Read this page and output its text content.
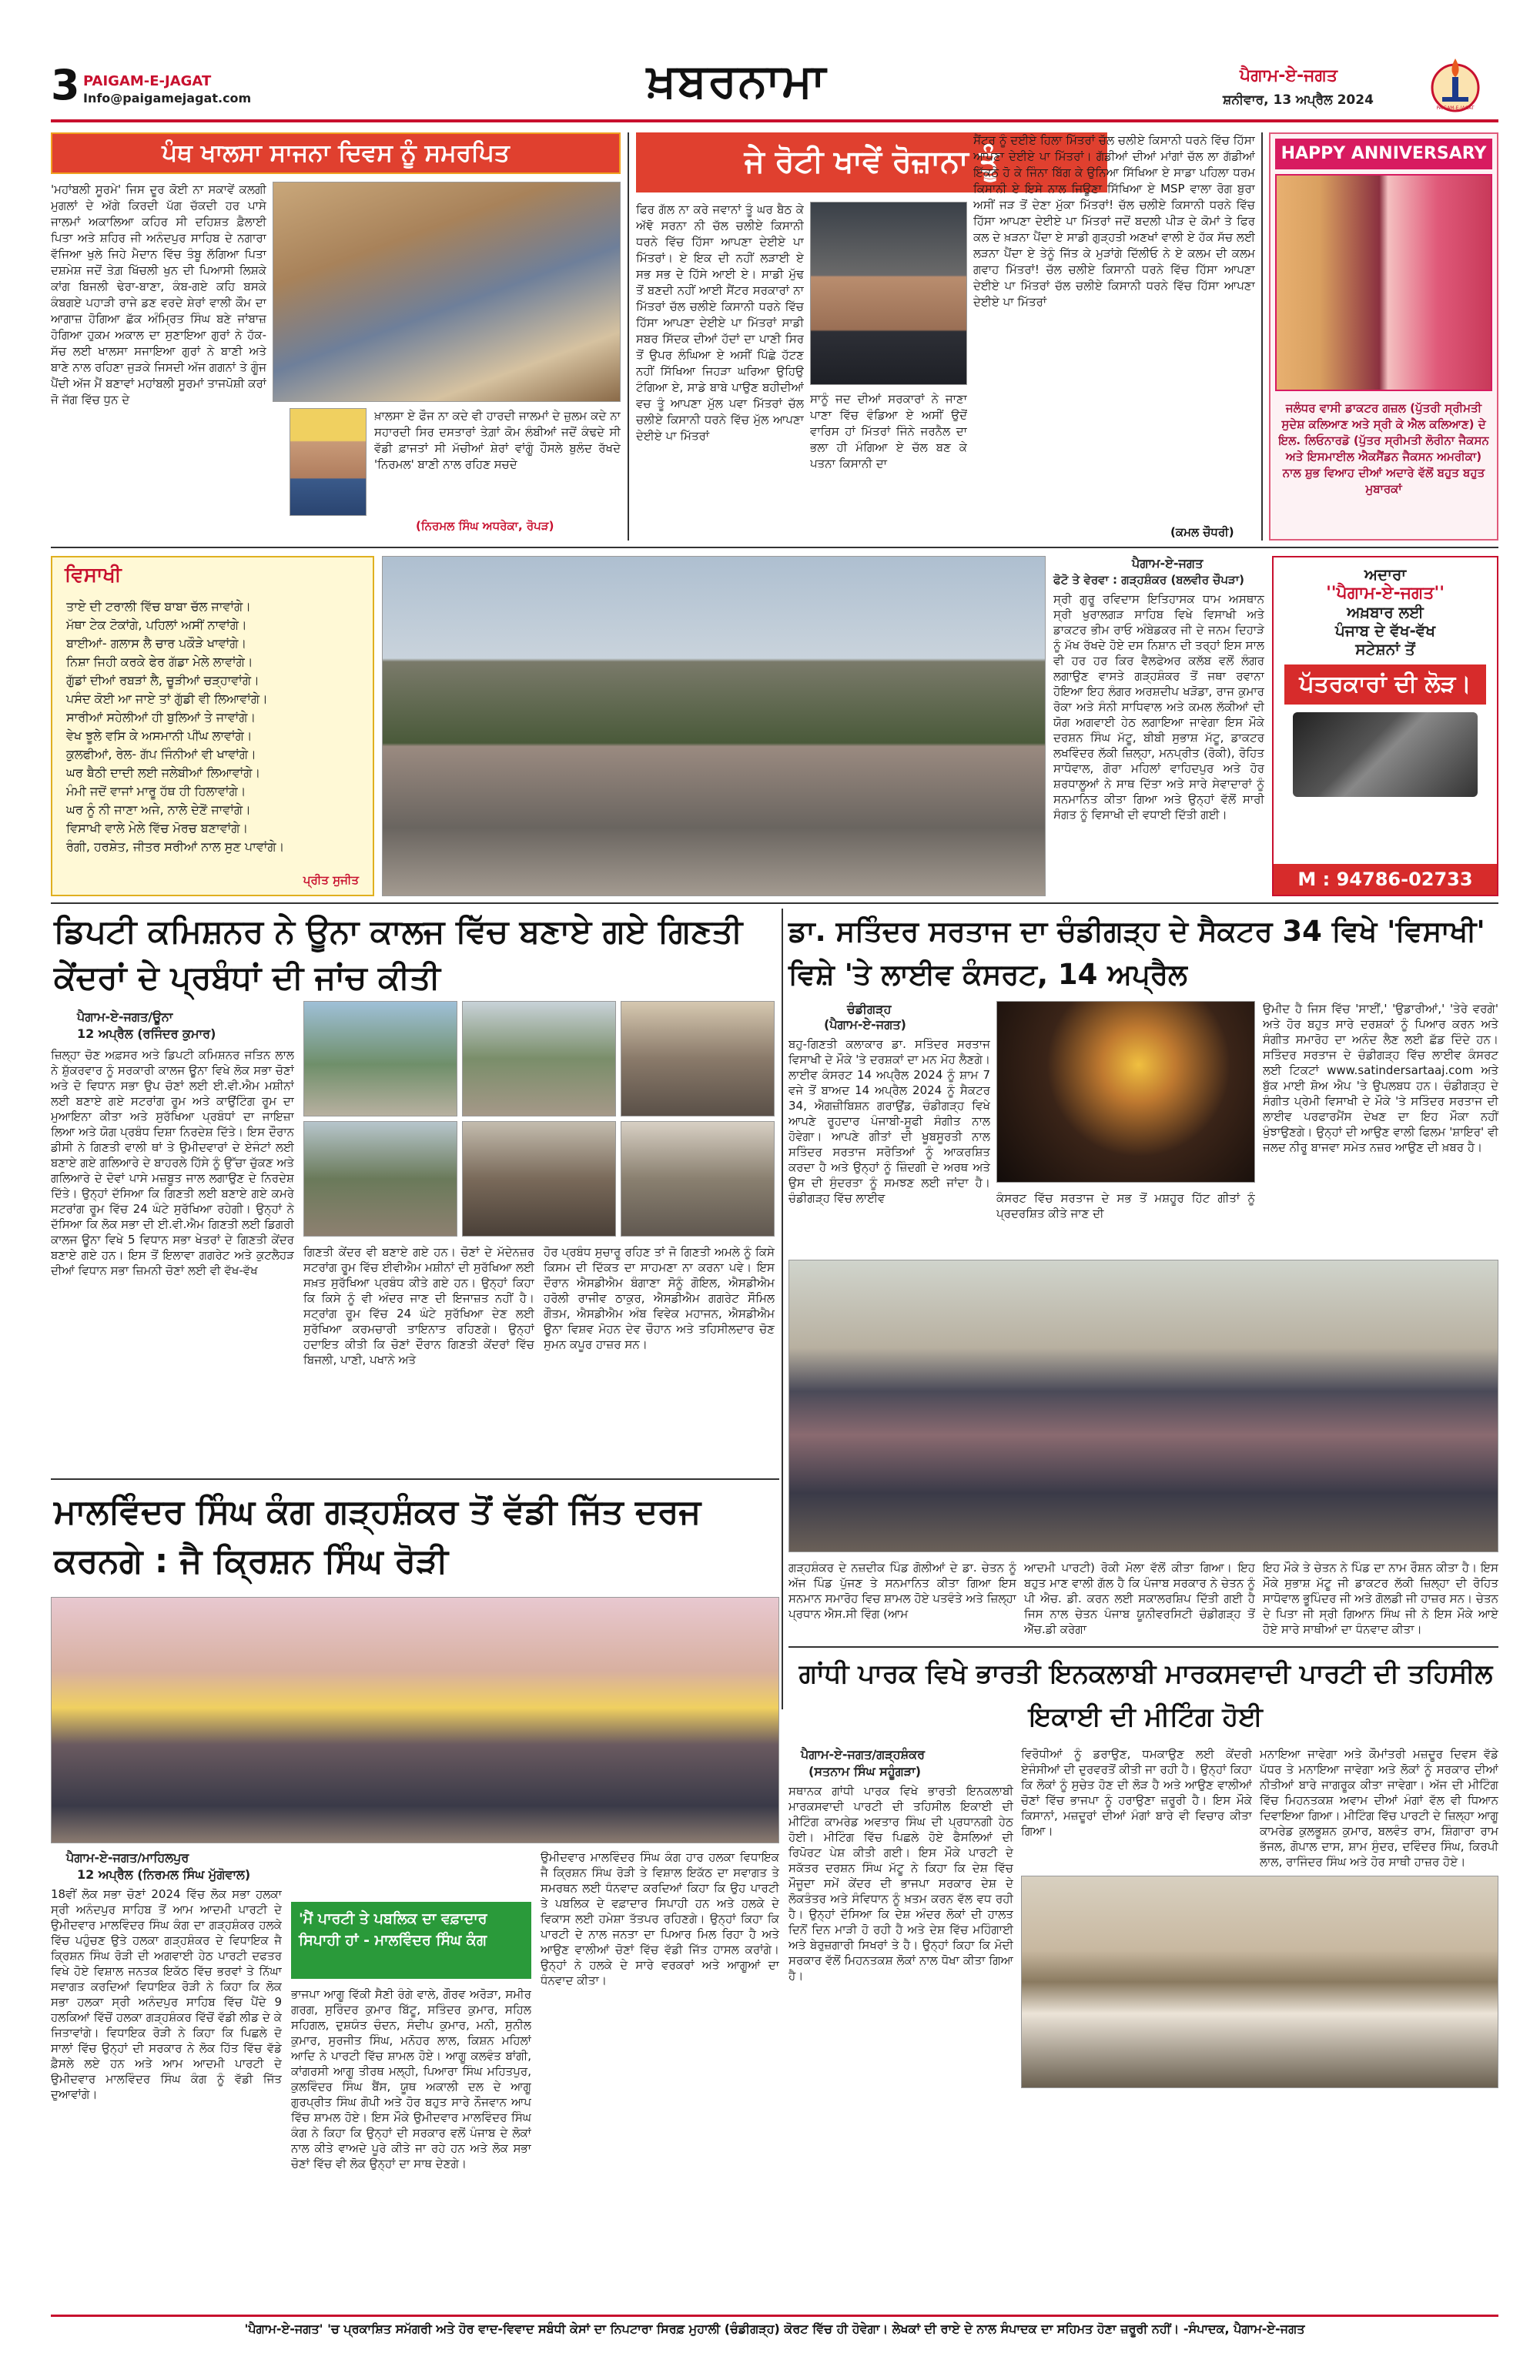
3 PAIGAM-E-JAGAT
Info@paigamejagat.com	ਖ਼ਬਰਨਾਮਾ	ਪੈਗਾਮ-ਏ-ਜਗਤ
ਸ਼ਨੀਵਾਰ, 13 ਅਪ੍ਰੈਲ 2024
PAIGAM-E-JAGAT
ਪੰਥ ਖਾਲਸਾ ਸਾਜਨਾ ਦਿਵਸ ਨੂੰ ਸਮਰਪਿਤ
'ਮਹਾਂਬਲੀ ਸੂਰਮੇ' ਜਿਸ ਦੂਰ ਕੋਈ ਨਾ ਸਕਾਵੇਂ ਕਲਗੀ ਮੁਗਲਾਂ ਦੇ ਅੱਗੇ ਕਿਰਦੀ ਪੱਗ ਚੱਕਦੀ ਹਰ ਪਾਸੇ ਜਾਲਮਾਂ ਅਕਾਲਿਆ ਕਹਿਰ ਸੀ ਦਹਿਸ਼ਤ ਫ਼ੈਲਾਈ ਪਿਤਾ ਅਤੇ ਸ਼ਹਿਰ ਜੀ ਅਨੰਦਪੁਰ ਸਾਹਿਬ ਦੇ ਨਗਾਰਾ ਵੱਜਿਆ ਖੁਲੇ ਜਿਹੇ ਮੈਦਾਨ ਵਿੱਚ ਤੰਬੂ ਲੱਗਿਆ ਪਿਤਾ ਦਸ਼ਮੇਸ਼ ਜਦੋਂ ਤੇਗ਼ ਖਿੱਚਲੀ ਖੁਨ ਦੀ ਪਿਆਸੀ ਲਿਸ਼ਕੇ ਕਾਂਗ ਬਿਜਲੀ ਢੇਰਾ-ਬਾਣਾ, ਕੰਬ-ਗਏ ਕਹਿ ਬਸਕੇ ਕੰਬਗਏ ਪਹਾੜੀ ਰਾਜੇ ਡਣ ਵਰਦੇ ਸ਼ੇਰਾਂ ਵਾਲੀ ਕੌਮ ਦਾ ਆਗਾਜ਼ ਹੋਗਿਆ ਛੱਕ ਅੰਮ੍ਰਿਤ ਸਿੰਘ ਬਣੇ ਜਾਂਬਾਜ਼ ਹੋਗਿਆ ਹੁਕਮ ਅਕਾਲ ਦਾ ਸੁਣਾਇਆ ਗੁਰਾਂ ਨੇ ਹੱਕ-ਸੱਚ ਲਈ ਖਾਲਸਾ ਸਜਾਇਆ ਗੁਰਾਂ ਨੇ ਬਾਣੀ ਅਤੇ ਬਾਣੇ ਨਾਲ ਰਹਿਣਾ ਜੁੜਕੇ ਜਿਸਦੀ ਅੱਜ ਗਗਨਾਂ ਤੇ ਗੂੰਜ ਪੈਂਦੀ ਅੱਜ ਮੈਂ ਬਣਾਵਾਂ ਮਹਾਂਬਲੀ ਸੂਰਮਾਂ ਤਾਜਪੋਸ਼ੀ ਕਰਾਂ ਜੋ ਜੱਗ ਵਿੱਚ ਧੁਨ ਦੇ
ਖ਼ਾਲਸਾ ਏ ਫੌਜ ਨਾ ਕਦੇ ਵੀ ਹਾਰਦੀ ਜਾਲਮਾਂ ਦੇ ਜ਼ੁਲਮ ਕਦੇ ਨਾ ਸਹਾਰਦੀ ਸਿਰ ਦਸਤਾਰਾਂ ਤੇਗ਼ਾਂ ਕੋਮ ਲੰਬੀਆਂ ਜਦੋਂ ਕੰਢਦੇ ਸੀ ਵੱਡੀ ਫ਼ਾਜਤਾਂ ਸੀ ਮੱਚੀਆਂ ਸ਼ੇਰਾਂ ਵਾਂਗੂੰ ਹੌਸਲੇ ਬੁਲੰਦ ਰੱਖਦੇ 'ਨਿਰਮਲ' ਬਾਣੀ ਨਾਲ ਰਹਿਣ ਸਚਦੇ
(ਨਿਰਮਲ ਸਿੰਘ ਅਧਰੇਕਾ, ਰੋਪੜ)
ਜੇ ਰੋਟੀ ਖਾਵੇਂ ਰੋਜ਼ਾਨਾ ਤੂੰ
ਫਿਰ ਗੱਲ ਨਾ ਕਰੇ ਜਵਾਨਾਂ ਤੂੰ ਘਰ ਬੈਠ ਕੇ ਅੱਞੋ ਸਰਨਾ ਨੀ ਚੱਲ ਚਲੀਏ ਕਿਸਾਨੀ ਧਰਨੇ ਵਿੱਚ ਹਿੱਸਾ ਆਪਣਾ ਦੇਈਏ ਪਾ ਮਿੱਤਰਾਂ। ਏ ਇਕ ਦੀ ਨਹੀਂ ਲੜਾਈ ਏ ਸਭ ਸਭ ਦੇ ਹਿੱਸੇ ਆਈ ਏ। ਸਾਡੀ ਮੁੱਢ ਤੋਂ ਬਣਦੀ ਨਹੀਂ ਆਈ ਸੈਂਟਰ ਸਰਕਾਰਾਂ ਨਾ ਮਿੱਤਰਾਂ ਚੱਲ ਚਲੀਏ ਕਿਸਾਨੀ ਧਰਨੇ ਵਿੱਚ ਹਿੱਸਾ ਆਪਣਾ ਦੇਈਏ ਪਾ ਮਿੱਤਰਾਂ ਸਾਡੀ ਸਬਰ ਸਿੱਦਕ ਦੀਆਂ ਹੱਦਾਂ ਦਾ ਪਾਣੀ ਸਿਰ ਤੋਂ ਉਪਰ ਲੰਘਿਆ ਏ ਅਸੀਂ ਪਿੱਛੇ ਹੱਟਣ ਨਹੀਂ ਸਿੱਖਿਆ ਜਿਹੜਾ ਘਰਿਆ ਉਹਿਉ ਟੰਗਿਆ ਏ, ਸਾਡੇ ਬਾਬੇ ਪਾਉਣ ਬਹੀਦੀਆਂ ਵਚ ਤੂੰ ਆਪਣਾ ਮੁੱਲ ਪਵਾ ਮਿੱਤਰਾਂ ਚੱਲ ਚਲੀਏ ਕਿਸਾਨੀ ਧਰਨੇ ਵਿੱਚ ਮੁੱਲ ਆਪਣਾ ਦੇਈਏ ਪਾ ਮਿੱਤਰਾਂ
ਸਾਨੂੰ ਜਦ ਦੀਆਂ ਸਰਕਾਰਾਂ ਨੇ ਜਾਣਾ ਪਾਣਾ ਵਿੱਚ ਵੰਡਿਆ ਏ ਅਸੀਂ ਉਦੋਂ ਵਾਰਿਸ ਹਾਂ ਮਿੱਤਰਾਂ ਜਿੰਨੇ ਜਰਨੈਲ ਦਾ ਭਲਾ ਹੀ ਮੰਗਿਆ ਏ ਚੱਲ ਬਣ ਕੇ ਪਤਨਾ ਕਿਸਾਨੀ ਦਾ
ਸੈਂਟਰ ਨੂੰ ਦਈਏ ਹਿਲਾ ਮਿੱਤਰਾਂ ਚੱਲ ਚਲੀਏ ਕਿਸਾਨੀ ਧਰਨੇ ਵਿੱਚ ਹਿੱਸਾ ਆਪਣਾ ਦੇਈਏ ਪਾ ਮਿੱਤਰਾਂ। ਗੱਡੀਆਂ ਦੀਆਂ ਮਾਂਗਾਂ ਚੱਲ ਲਾ ਗੱਡੀਆਂ ਇੱਕਠੇ ਹੋ ਕੇ ਜਿੰਨਾ ਬਿੱਗ ਕੇ ਉਨਿਆ ਸਿੱਖਿਆ ਏ ਸਾਡਾ ਪਹਿਲਾ ਧਰਮ ਕਿਸਾਨੀ ਏ ਇਸੇ ਨਾਲ ਜਿਊਣਾ ਸਿੱਖਿਆ ਏ MSP ਵਾਲਾ ਰੋਗ ਬੁਰਾ ਅਸੀਂ ਜੜ ਤੋਂ ਦੇਣਾ ਮੁੱਕਾ ਮਿੱਤਰਾਂ! ਚੱਲ ਚਲੀਏ ਕਿਸਾਨੀ ਧਰਨੇ ਵਿੱਚ ਹਿੱਸਾ ਆਪਣਾ ਦੇਈਏ ਪਾ ਮਿੱਤਰਾਂ ਜਦੋਂ ਬਦਲੀ ਪੀੜ ਦੇ ਕੋਮਾਂ ਤੇ ਫਿਰ ਕਲ ਦੇ ਖ਼ੜਨਾ ਪੈਂਦਾ ਏ ਸਾਡੀ ਗੁੜ੍ਹਤੀ ਅਣਖਾਂ ਵਾਲੀ ਏ ਹੱਕ ਸੱਚ ਲਈ ਲੜਨਾ ਪੈਂਦਾ ਏ ਤੇਨੂੰ ਜਿੱਤ ਕੇ ਮੁੜਾਂਗੇ ਦਿੱਲੀਓ ਨੇ ਏ ਕਲਮ ਦੀ ਕਲਮ ਗਵਾਹ ਮਿੱਤਰਾਂ! ਚੱਲ ਚਲੀਏ ਕਿਸਾਨੀ ਧਰਨੇ ਵਿੱਚ ਹਿੱਸਾ ਆਪਣਾ ਦੇਈਏ ਪਾ ਮਿੱਤਰਾਂ ਚੱਲ ਚਲੀਏ ਕਿਸਾਨੀ ਧਰਨੇ ਵਿੱਚ ਹਿੱਸਾ ਆਪਣਾ ਦੇਈਏ ਪਾ ਮਿੱਤਰਾਂ
(ਕਮਲ ਚੌਧਰੀ)
HAPPY ANNIVERSARY
ਜਲੰਧਰ ਵਾਸੀ ਡਾਕਟਰ ਗਜ਼ਲ (ਪੁੱਤਰੀ ਸ੍ਰੀਮਤੀ ਸੁਦੇਸ਼ ਕਲਿਆਣ ਅਤੇ ਸ੍ਰੀ ਕੇ ਐਲ ਕਲਿਆਣ) ਦੇ ਇਲ. ਲਿਓਨਾਰਡੋ (ਪੁੱਤਰ ਸ੍ਰੀਮਤੀ ਲੋਰੀਨਾ ਜੈਕਸਨ ਅਤੇ ਇਸਮਾਈਲ ਐਕਸੈਂਡਨ ਜੈਕਸਨ ਅਮਰੀਕਾ) ਨਾਲ ਸ਼ੁਭ ਵਿਆਹ ਦੀਆਂ ਅਦਾਰੇ ਵੱਲੋਂ ਬਹੁਤ ਬਹੁਤ ਮੁਬਾਰਕਾਂ
ਵਿਸਾਖੀ
ਤਾਏ ਦੀ ਟਰਾਲੀ ਵਿੱਚ ਬਾਬਾ ਚੱਲ ਜਾਵਾਂਗੇ।
ਮੱਥਾ ਟੇਕ ਟੋਕਾਂਗੇ, ਪਹਿਲਾਂ ਅਸੀਂ ਨਾਵਾਂਗੇ।
ਬਾਈਆਂ- ਗਲਾਸ ਲੈ ਚਾਰ ਪਕੌੜੇ ਖਾਵਾਂਗੇ।
ਨਿਸ਼ਾ ਜਿਹੀ ਕਰਕੇ ਫੇਰ ਗੱਡਾ ਮੇਲੇ ਲਾਵਾਂਗੇ।
ਗੁੱਡਾਂ ਦੀਆਂ ਰਬੜਾਂ ਲੈ, ਚੂੜੀਆਂ ਚੜ੍ਹਾਵਾਂਗੇ।
ਪਸੰਦ ਕੋਈ ਆ ਜਾਏ ਤਾਂ ਗੁੱਡੀ ਵੀ ਲਿਆਵਾਂਗੇ।
ਸਾਰੀਆਂ ਸਹੇਲੀਆਂ ਹੀ ਬੁਲਿਆਂ ਤੇ ਜਾਵਾਂਗੇ।
ਵੇਖ ਝੂਲੇ ਵਸਿ ਕੇ ਅਸਮਾਨੀ ਪੀਂਘ ਲਾਵਾਂਗੇ।
ਕੁਲਫੀਆਂ, ਰੇਲ- ਗੱਪ ਜਿੰਨੀਆਂ ਵੀ ਖਾਵਾਂਗੇ।
ਘਰ ਬੈਠੀ ਦਾਦੀ ਲਈ ਜਲੇਬੀਆਂ ਲਿਆਵਾਂਗੇ।
ਮੰਮੀ ਜਦੋਂ ਵਾਜਾਂ ਮਾਰੂ ਹੱਥ ਹੀ ਹਿਲਾਵਾਂਗੇ।
ਘਰ ਨੂੰ ਨੀ ਜਾਣਾ ਅਜੇ, ਨਾਲੇ ਦੇਣੋਂ ਜਾਵਾਂਗੇ।
ਵਿਸਾਖੀ ਵਾਲੇ ਮੇਲੇ ਵਿੱਚ ਮੋਰਚ ਬਣਾਵਾਂਗੇ।
ਰੰਗੀ, ਹਰਸ਼ੇਤ, ਜੀਤਰ ਸਰੀਆਂ ਨਾਲ ਸੁਣ ਪਾਵਾਂਗੇ।
ਪ੍ਰੀਤ ਸੁਜੀਤ
ਪੈਗਾਮ-ਏ-ਜਗਤ
ਫੋਟੋ ਤੇ ਵੇਰਵਾ : ਗੜ੍ਹਸ਼ੰਕਰ (ਬਲਵੀਰ ਚੌਪੜਾ)
ਸ੍ਰੀ ਗੁਰੂ ਰਵਿਦਾਸ ਇਤਿਹਾਸਕ ਧਾਮ ਅਸਥਾਨ ਸ੍ਰੀ ਖੁਰਾਲਗੜ ਸਾਹਿਬ ਵਿਖੇ ਵਿਸਾਖੀ ਅਤੇ ਡਾਕਟਰ ਭੀਮ ਰਾਓ ਅੰਬੇਡਕਰ ਜੀ ਦੇ ਜਨਮ ਦਿਹਾੜੇ ਨੂੰ ਮੱਖ ਰੱਖਦੇ ਹੋਏ ਦਸ ਨਿਸ਼ਾਨ ਦੀ ਤਰ੍ਹਾਂ ਇਸ ਸਾਲ ਵੀ ਹਰ ਹਰ ਕਿਰ ਵੈਲਫੇਅਰ ਕਲੱਬ ਵਲੋਂ ਲੰਗਰ ਲਗਾਉਣ ਵਾਸਤੇ ਗੜ੍ਹਸ਼ੰਕਰ ਤੋਂ ਜਥਾ ਰਵਾਨਾ ਹੋਇਆ ਇਹ ਲੰਗਰ ਅਰਸ਼ਦੀਪ ਖੜੋਡਾ, ਰਾਜ ਕੁਮਾਰ ਰੋਕਾ ਅਤੇ ਸੰਨੀ ਸਾਧਿਵਾਲ ਅਤੇ ਕਮਲ ਲੱਕੀਆਂ ਦੀ ਯੋਗ ਅਗਵਾਈ ਹੇਠ ਲਗਾਇਆ ਜਾਵੇਗਾ ਇਸ ਮੌਕੇ ਦਰਸ਼ਨ ਸਿੰਘ ਮੱਟੂ, ਬੀਬੀ ਸੁਭਾਸ਼ ਮੱਟੂ, ਡਾਕਟਰ ਲਖਵਿੰਦਰ ਲੱਕੀ ਜ਼ਿਲ੍ਹਾ, ਮਨਪ੍ਰੀਤ (ਰੋਕੀ), ਰੋਹਿਤ ਸਾਧੋਵਾਲ, ਗੋਰਾ ਮਹਿਲਾਂ ਵਾਹਿਦਪੁਰ ਅਤੇ ਹੋਰ ਸ਼ਰਧਾਲੂਆਂ ਨੇ ਸਾਥ ਦਿੱਤਾ ਅਤੇ ਸਾਰੇ ਸੇਵਾਦਾਰਾਂ ਨੂੰ ਸਨਮਾਨਿਤ ਕੀਤਾ ਗਿਆ ਅਤੇ ਉਨ੍ਹਾਂ ਵੱਲੋਂ ਸਾਰੀ ਸੰਗਤ ਨੂੰ ਵਿਸਾਖੀ ਦੀ ਵਧਾਈ ਦਿੱਤੀ ਗਈ।
ਅਦਾਰਾ
''ਪੈਗਾਮ-ਏ-ਜਗਤ''
ਅਖ਼ਬਾਰ ਲਈ
ਪੰਜਾਬ ਦੇ ਵੱਖ-ਵੱਖ
ਸਟੇਸ਼ਨਾਂ ਤੋਂ
ਪੱਤਰਕਾਰਾਂ ਦੀ ਲੋੜ।
M : 94786-02733
ਡਿਪਟੀ ਕਮਿਸ਼ਨਰ ਨੇ ਊਨਾ ਕਾਲਜ ਵਿੱਚ ਬਣਾਏ ਗਏ ਗਿਣਤੀ ਕੇਂਦਰਾਂ ਦੇ ਪ੍ਰਬੰਧਾਂ ਦੀ ਜਾਂਚ ਕੀਤੀ
ਪੈਗਾਮ-ਏ-ਜਗਤ/ਊਨਾ
12 ਅਪ੍ਰੈਲ (ਰਜਿੰਦਰ ਕੁਮਾਰ)
ਜ਼ਿਲ੍ਹਾ ਚੋਣ ਅਫ਼ਸਰ ਅਤੇ ਡਿਪਟੀ ਕਮਿਸ਼ਨਰ ਜਤਿਨ ਲਾਲ ਨੇ ਸ਼ੁੱਕਰਵਾਰ ਨੂੰ ਸਰਕਾਰੀ ਕਾਲਜ ਊਨਾ ਵਿਖੇ ਲੋਕ ਸਭਾ ਚੋਣਾਂ ਅਤੇ ਦੋ ਵਿਧਾਨ ਸਭਾ ਉਪ ਚੋਣਾਂ ਲਈ ਈ.ਵੀ.ਐਮ ਮਸ਼ੀਨਾਂ ਲਈ ਬਣਾਏ ਗਏ ਸਟਰਾਂਗ ਰੂਮ ਅਤੇ ਕਾਉਂਟਿੰਗ ਰੂਮ ਦਾ ਮੁਆਇਨਾ ਕੀਤਾ ਅਤੇ ਸੁਰੱਖਿਆ ਪ੍ਰਬੰਧਾਂ ਦਾ ਜਾਇਜ਼ਾ ਲਿਆ ਅਤੇ ਯੋਗ ਪ੍ਰਬੰਧ ਦਿਸ਼ਾ ਨਿਰਦੇਸ਼ ਦਿੱਤੇ। ਇਸ ਦੌਰਾਨ ਡੀਸੀ ਨੇ ਗਿਣਤੀ ਵਾਲੀ ਥਾਂ ਤੇ ਉਮੀਦਵਾਰਾਂ ਦੇ ਏਜੰਟਾਂ ਲਈ ਬਣਾਏ ਗਏ ਗਲਿਆਰੇ ਦੇ ਬਾਹਰਲੇ ਹਿੱਸੇ ਨੂੰ ਉੱਚਾ ਚੁੱਕਣ ਅਤੇ ਗਲਿਆਰੇ ਦੇ ਦੋਵਾਂ ਪਾਸੇ ਮਜ਼ਬੂਤ ਜਾਲ ਲਗਾਉਣ ਦੇ ਨਿਰਦੇਸ਼ ਦਿੱਤੇ। ਉਨ੍ਹਾਂ ਦੱਸਿਆ ਕਿ ਗਿਣਤੀ ਲਈ ਬਣਾਏ ਗਏ ਕਮਰੇ ਸਟਰਾਂਗ ਰੂਮ ਵਿੱਚ 24 ਘੰਟੇ ਸੁਰੱਖਿਆ ਰਹੇਗੀ। ਉਨ੍ਹਾਂ ਨੇ ਦੱਸਿਆ ਕਿ ਲੋਕ ਸਭਾ ਦੀ ਈ.ਵੀ.ਐਮ ਗਿਣਤੀ ਲਈ ਡਿਗਰੀ ਕਾਲਜ ਊਨਾ ਵਿਖੇ 5 ਵਿਧਾਨ ਸਭਾ ਖੇਤਰਾਂ ਦੇ ਗਿਣਤੀ ਕੇਂਦਰ ਬਣਾਏ ਗਏ ਹਨ। ਇਸ ਤੋਂ ਇਲਾਵਾ ਗਗਰੇਟ ਅਤੇ ਕੁਟਲੈਹੜ ਦੀਆਂ ਵਿਧਾਨ ਸਭਾ ਜ਼ਿਮਨੀ ਚੋਣਾਂ ਲਈ ਵੀ ਵੱਖ-ਵੱਖ
ਗਿਣਤੀ ਕੇਂਦਰ ਵੀ ਬਣਾਏ ਗਏ ਹਨ। ਚੋਣਾਂ ਦੇ ਮੱਦੇਨਜ਼ਰ ਸਟਰਾਂਗ ਰੂਮ ਵਿੱਚ ਈਵੀਐਮ ਮਸ਼ੀਨਾਂ ਦੀ ਸੁਰੱਖਿਆ ਲਈ ਸਖ਼ਤ ਸੁਰੱਖਿਆ ਪ੍ਰਬੰਧ ਕੀਤੇ ਗਏ ਹਨ। ਉਨ੍ਹਾਂ ਕਿਹਾ ਕਿ ਕਿਸੇ ਨੂੰ ਵੀ ਅੰਦਰ ਜਾਣ ਦੀ ਇਜਾਜ਼ਤ ਨਹੀਂ ਹੈ। ਸਟ੍ਰਾਂਗ ਰੂਮ ਵਿੱਚ 24 ਘੰਟੇ ਸੁਰੱਖਿਆ ਦੇਣ ਲਈ ਸੁਰੱਖਿਆ ਕਰਮਚਾਰੀ ਤਾਇਨਾਤ ਰਹਿਣਗੇ। ਉਨ੍ਹਾਂ ਹਦਾਇਤ ਕੀਤੀ ਕਿ ਚੋਣਾਂ ਦੌਰਾਨ ਗਿਣਤੀ ਕੇਂਦਰਾਂ ਵਿੱਚ ਬਿਜਲੀ, ਪਾਣੀ, ਪਖਾਨੇ ਅਤੇ
ਹੋਰ ਪ੍ਰਬੰਧ ਸੁਚਾਰੂ ਰਹਿਣ ਤਾਂ ਜੋ ਗਿਣਤੀ ਅਮਲੇ ਨੂੰ ਕਿਸੇ ਕਿਸਮ ਦੀ ਦਿੱਕਤ ਦਾ ਸਾਹਮਣਾ ਨਾ ਕਰਨਾ ਪਵੇ। ਇਸ ਦੌਰਾਨ ਐਸਡੀਐਮ ਬੰਗਾਣਾ ਸੋਨੂੰ ਗੋਇਲ, ਐਸਡੀਐਮ ਹਰੋਲੀ ਰਾਜੀਵ ਠਾਕੁਰ, ਐਸਡੀਐਮ ਗਗਰੇਟ ਸੌਮਿਲ ਗੌਤਮ, ਐਸਡੀਐਮ ਅੰਬ ਵਿਵੇਕ ਮਹਾਜਨ, ਐਸਡੀਐਮ ਊਨਾ ਵਿਸ਼ਵ ਮੋਹਨ ਦੇਵ ਚੌਹਾਨ ਅਤੇ ਤਹਿਸੀਲਦਾਰ ਚੋਣ ਸੁਮਨ ਕਪੂਰ ਹਾਜ਼ਰ ਸਨ।
ਡਾ. ਸਤਿੰਦਰ ਸਰਤਾਜ ਦਾ ਚੰਡੀਗੜ੍ਹ ਦੇ ਸੈਕਟਰ 34 ਵਿਖੇ 'ਵਿਸਾਖੀ' ਵਿਸ਼ੇ 'ਤੇ ਲਾਈਵ ਕੰਸਰਟ, 14 ਅਪ੍ਰੈਲ
ਚੰਡੀਗੜ੍ਹ
(ਪੈਗਾਮ-ਏ-ਜਗਤ)
ਬਹੁ-ਗਿਣਤੀ ਕਲਾਕਾਰ ਡਾ. ਸਤਿੰਦਰ ਸਰਤਾਜ ਵਿਸਾਖੀ ਦੇ ਮੌਕੇ 'ਤੇ ਦਰਸ਼ਕਾਂ ਦਾ ਮਨ ਮੋਹ ਲੈਣਗੇ। ਲਾਈਵ ਕੰਸਰਟ 14 ਅਪ੍ਰੈਲ 2024 ਨੂੰ ਸ਼ਾਮ 7 ਵਜੇ ਤੋਂ ਬਾਅਦ 14 ਅਪ੍ਰੈਲ 2024 ਨੂੰ ਸੈਕਟਰ 34, ਐਗਜ਼ੀਬਿਸ਼ਨ ਗਰਾਉਂਡ, ਚੰਡੀਗੜ੍ਹ ਵਿਖੇ ਆਪਣੇ ਰੂਹਦਾਰ ਪੰਜਾਬੀ-ਸੂਫੀ ਸੰਗੀਤ ਨਾਲ ਹੋਵੇਗਾ। ਆਪਣੇ ਗੀਤਾਂ ਦੀ ਖੂਬਸੂਰਤੀ ਨਾਲ ਸਤਿੰਦਰ ਸਰਤਾਜ ਸਰੋਤਿਆਂ ਨੂੰ ਆਕਰਸ਼ਿਤ ਕਰਦਾ ਹੈ ਅਤੇ ਉਨ੍ਹਾਂ ਨੂੰ ਜ਼ਿੰਦਗੀ ਦੇ ਅਰਥ ਅਤੇ ਉਸ ਦੀ ਸੁੰਦਰਤਾ ਨੂੰ ਸਮਝਣ ਲਈ ਜਾਂਦਾ ਹੈ। ਚੰਡੀਗੜ੍ਹ ਵਿੱਚ ਲਾਈਵ	ਕੰਸਰਟ ਵਿੱਚ ਸਰਤਾਜ ਦੇ ਸਭ ਤੋਂ ਮਸ਼ਹੂਰ ਹਿੱਟ ਗੀਤਾਂ ਨੂੰ ਪ੍ਰਦਰਸ਼ਿਤ ਕੀਤੇ ਜਾਣ ਦੀ
ਉਮੀਦ ਹੈ ਜਿਸ ਵਿੱਚ 'ਸਾਈਂ,' 'ਉਡਾਰੀਆਂ,' 'ਤੇਰੇ ਵਰਗੇ' ਅਤੇ ਹੋਰ ਬਹੁਤ ਸਾਰੇ ਦਰਸ਼ਕਾਂ ਨੂੰ ਪਿਆਰ ਕਰਨ ਅਤੇ ਸੰਗੀਤ ਸਮਾਰੋਹ ਦਾ ਅਨੰਦ ਲੈਣ ਲਈ ਛੱਡ ਦਿੰਦੇ ਹਨ। ਸਤਿੰਦਰ ਸਰਤਾਜ ਦੇ ਚੰਡੀਗੜ੍ਹ ਵਿੱਚ ਲਾਈਵ ਕੰਸਰਟ ਲਈ ਟਿਕਟਾਂ www.satindersartaaj.com ਅਤੇ ਬੁੱਕ ਮਾਈ ਸ਼ੋਅ ਐਪ 'ਤੇ ਉਪਲਬਧ ਹਨ। ਚੰਡੀਗੜ੍ਹ ਦੇ ਸੰਗੀਤ ਪ੍ਰੇਮੀ ਵਿਸਾਖੀ ਦੇ ਮੌਕੇ 'ਤੇ ਸਤਿੰਦਰ ਸਰਤਾਜ ਦੀ ਲਾਈਵ ਪਰਫਾਰਮੈਂਸ ਦੇਖਣ ਦਾ ਇਹ ਮੌਕਾ ਨਹੀਂ ਖੁੰਝਾਉਣਗੇ। ਉਨ੍ਹਾਂ ਦੀ ਆਉਣ ਵਾਲੀ ਫਿਲਮ 'ਸ਼ਾਇਰ' ਵੀ ਜਲਦ ਨੀਰੂ ਬਾਜਵਾ ਸਮੇਤ ਨਜ਼ਰ ਆਉਣ ਦੀ ਖ਼ਬਰ ਹੈ।
ਗੜ੍ਹਸ਼ੰਕਰ ਦੇ ਨਜ਼ਦੀਕ ਪਿੰਡ ਗੋਲੀਆਂ ਦੇ ਡਾ. ਚੇਤਨ ਨੂੰ ਅੱਜ ਪਿੰਡ ਪੁੱਜਣ ਤੇ ਸਨਮਾਨਿਤ ਕੀਤਾ ਗਿਆ ਇਸ ਸਨਮਾਨ ਸਮਾਰੋਹ ਵਿਚ ਸ਼ਾਮਲ ਹੋਏ ਪਤਵੰਤੇ ਅਤੇ ਜ਼ਿਲ੍ਹਾ ਪ੍ਰਧਾਨ ਐਸ.ਸੀ ਵਿੰਗ (ਆਮ
ਆਦਮੀ ਪਾਰਟੀ) ਰੋਕੀ ਮੋਲਾ ਵੱਲੋਂ ਕੀਤਾ ਗਿਆ। ਇਹ ਬਹੁਤ ਮਾਣ ਵਾਲੀ ਗੱਲ ਹੈ ਕਿ ਪੰਜਾਬ ਸਰਕਾਰ ਨੇ ਚੇਤਨ ਨੂੰ ਪੀ ਐਚ. ਡੀ. ਕਰਨ ਲਈ ਸਕਾਲਰਸ਼ਿਪ ਦਿੱਤੀ ਗਈ ਹੈ ਜਿਸ ਨਾਲ ਚੇਤਨ ਪੰਜਾਬ ਯੂਨੀਵਰਸਿਟੀ ਚੰਡੀਗੜ੍ਹ ਤੋਂ ਐੱਚ.ਡੀ ਕਰੇਗਾ
ਇਹ ਮੌਕੇ ਤੇ ਚੇਤਨ ਨੇ ਪਿੰਡ ਦਾ ਨਾਮ ਰੌਸ਼ਨ ਕੀਤਾ ਹੈ। ਇਸ ਮੌਕੇ ਸੁਭਾਸ਼ ਮੱਟੂ ਜੀ ਡਾਕਟਰ ਲੱਕੀ ਜ਼ਿਲ੍ਹਾ ਦੀ ਰੋਹਿਤ ਸਾਧੋਵਾਲ ਭੂਪਿੰਦਰ ਜੀ ਅਤੇ ਗੋਲਡੀ ਜੀ ਹਾਜ਼ਰ ਸਨ। ਚੇਤਨ ਦੇ ਪਿਤਾ ਜੀ ਸ੍ਰੀ ਗਿਆਨ ਸਿੰਘ ਜੀ ਨੇ ਇਸ ਮੌਕੇ ਆਏ ਹੋਏ ਸਾਰੇ ਸਾਥੀਆਂ ਦਾ ਧੰਨਵਾਦ ਕੀਤਾ।
ਮਾਲਵਿੰਦਰ ਸਿੰਘ ਕੰਗ ਗੜ੍ਹਸ਼ੰਕਰ ਤੋਂ ਵੱਡੀ ਜਿੱਤ ਦਰਜ ਕਰਨਗੇ : ਜੈ ਕ੍ਰਿਸ਼ਨ ਸਿੰਘ ਰੋੜੀ
ਪੈਗਾਮ-ਏ-ਜਗਤ/ਮਾਹਿਲਪੁਰ
12 ਅਪ੍ਰੈਲ (ਨਿਰਮਲ ਸਿੰਘ ਮੁੱਗੋਵਾਲ)
18ਵੀਂ ਲੋਕ ਸਭਾ ਚੋਣਾਂ 2024 ਵਿੱਚ ਲੋਕ ਸਭਾ ਹਲਕਾ ਸ੍ਰੀ ਅਨੰਦਪੁਰ ਸਾਹਿਬ ਤੋਂ ਆਮ ਆਦਮੀ ਪਾਰਟੀ ਦੇ ਉਮੀਦਵਾਰ ਮਾਲਵਿੰਦਰ ਸਿੰਘ ਕੰਗ ਦਾ ਗੜ੍ਹਸ਼ੰਕਰ ਹਲਕੇ ਵਿੱਚ ਪਹੁੰਚਣ ਉਤੇ ਹਲਕਾ ਗੜ੍ਹਸ਼ੰਕਰ ਦੇ ਵਿਧਾਇਕ ਜੈ ਕ੍ਰਿਸ਼ਨ ਸਿੰਘ ਰੋੜੀ ਦੀ ਅਗਵਾਈ ਹੇਠ ਪਾਰਟੀ ਦਫਤਰ ਵਿਖੇ ਹੋਏ ਵਿਸ਼ਾਲ ਜਨਤਕ ਇਕੱਠ ਵਿੱਚ ਭਰਵਾਂ ਤੇ ਨਿੱਘਾ ਸਵਾਗਤ ਕਰਦਿਆਂ ਵਿਧਾਇਕ ਰੋੜੀ ਨੇ ਕਿਹਾ ਕਿ ਲੋਕ ਸਭਾ ਹਲਕਾ ਸ੍ਰੀ ਅਨੰਦਪੁਰ ਸਾਹਿਬ ਵਿੱਚ ਪੈਂਦੇ 9 ਹਲਕਿਆਂ ਵਿੱਚੋਂ ਹਲਕਾ ਗੜ੍ਹਸ਼ੰਕਰ ਵਿੱਚੋਂ ਵੱਡੀ ਲੀਡ ਦੇ ਕੇ ਜਿਤਾਵਾਂਗੇ। ਵਿਧਾਇਕ ਰੋੜੀ ਨੇ ਕਿਹਾ ਕਿ ਪਿਛਲੇ ਦੋ ਸਾਲਾਂ ਵਿੱਚ ਉਨ੍ਹਾਂ ਦੀ ਸਰਕਾਰ ਨੇ ਲੋਕ ਹਿੱਤ ਵਿੱਚ ਵੱਡੇ ਫ਼ੈਸਲੇ ਲਏ ਹਨ ਅਤੇ ਆਮ ਆਦਮੀ ਪਾਰਟੀ ਦੇ ਉਮੀਦਵਾਰ ਮਾਲਵਿੰਦਰ ਸਿੰਘ ਕੰਗ ਨੂੰ ਵੱਡੀ ਜਿੱਤ ਦੁਆਵਾਂਗੇ।
'ਮੈਂ ਪਾਰਟੀ ਤੇ ਪਬਲਿਕ ਦਾ ਵਫ਼ਾਦਾਰ ਸਿਪਾਹੀ ਹਾਂ - ਮਾਲਵਿੰਦਰ ਸਿੰਘ ਕੰਗ
ਭਾਜਪਾ ਆਗੂ ਵਿੱਕੀ ਸੈਣੀ ਰੰਗੇ ਵਾਲੇ, ਗੌਰਵ ਅਰੋੜਾ, ਸਮੀਰ ਗਰਗ, ਸੁਰਿੰਦਰ ਕੁਮਾਰ ਬਿੱਟੂ, ਸਤਿੰਦਰ ਕੁਮਾਰ, ਸਹਿਲ ਸਹਿਗਲ, ਦੁਸ਼ਯੰਤ ਚੰਦਨ, ਸੰਦੀਪ ਕੁਮਾਰ, ਮਨੀ, ਸੁਨੀਲ ਕੁਮਾਰ, ਸੁਰਜੀਤ ਸਿੰਘ, ਮਨੋਹਰ ਲਾਲ, ਕਿਸ਼ਨ ਮਹਿਲਾਂ ਆਦਿ ਨੇ ਪਾਰਟੀ ਵਿੱਚ ਸ਼ਾਮਲ ਹੋਏ। ਆਗੂ ਕਲਵੰਤ ਬਾਂਗੀ, ਕਾਂਗਰਸੀ ਆਗੂ ਤੀਰਥ ਮਲ੍ਹੀ, ਪਿਆਰਾ ਸਿੰਘ ਮਹਿਤਪੁਰ, ਕੁਲਵਿੰਦਰ ਸਿੰਘ ਬੈਂਸ, ਯੂਥ ਅਕਾਲੀ ਦਲ ਦੇ ਆਗੂ ਗੁਰਪ੍ਰੀਤ ਸਿੰਘ ਗੋਪੀ ਅਤੇ ਹੋਰ ਬਹੁਤ ਸਾਰੇ ਨੌਜਵਾਨ ਆਪ ਵਿੱਚ ਸ਼ਾਮਲ ਹੋਏ। ਇਸ ਮੌਕੇ ਉਮੀਦਵਾਰ ਮਾਲਵਿੰਦਰ ਸਿੰਘ ਕੰਗ ਨੇ ਕਿਹਾ ਕਿ ਉਨ੍ਹਾਂ ਦੀ ਸਰਕਾਰ ਵਲੋਂ ਪੰਜਾਬ ਦੇ ਲੋਕਾਂ ਨਾਲ ਕੀਤੇ ਵਾਅਦੇ ਪੂਰੇ ਕੀਤੇ ਜਾ ਰਹੇ ਹਨ ਅਤੇ ਲੋਕ ਸਭਾ ਚੋਣਾਂ ਵਿੱਚ ਵੀ ਲੋਕ ਉਨ੍ਹਾਂ ਦਾ ਸਾਥ ਦੇਣਗੇ।
ਉਮੀਦਵਾਰ ਮਾਲਵਿੰਦਰ ਸਿੰਘ ਕੰਗ ਹਾਰ ਹਲਕਾ ਵਿਧਾਇਕ ਜੈ ਕ੍ਰਿਸ਼ਨ ਸਿੰਘ ਰੋੜੀ ਤੇ ਵਿਸ਼ਾਲ ਇਕੱਠ ਦਾ ਸਵਾਗਤ ਤੇ ਸਮਰਥਨ ਲਈ ਧੰਨਵਾਦ ਕਰਦਿਆਂ ਕਿਹਾ ਕਿ ਉਹ ਪਾਰਟੀ ਤੇ ਪਬਲਿਕ ਦੇ ਵਫ਼ਾਦਾਰ ਸਿਪਾਹੀ ਹਨ ਅਤੇ ਹਲਕੇ ਦੇ ਵਿਕਾਸ ਲਈ ਹਮੇਸ਼ਾ ਤੱਤਪਰ ਰਹਿਣਗੇ। ਉਨ੍ਹਾਂ ਕਿਹਾ ਕਿ ਪਾਰਟੀ ਦੇ ਨਾਲ ਜਨਤਾ ਦਾ ਪਿਆਰ ਮਿਲ ਰਿਹਾ ਹੈ ਅਤੇ ਆਉਣ ਵਾਲੀਆਂ ਚੋਣਾਂ ਵਿੱਚ ਵੱਡੀ ਜਿੱਤ ਹਾਸਲ ਕਰਾਂਗੇ। ਉਨ੍ਹਾਂ ਨੇ ਹਲਕੇ ਦੇ ਸਾਰੇ ਵਰਕਰਾਂ ਅਤੇ ਆਗੂਆਂ ਦਾ ਧੰਨਵਾਦ ਕੀਤਾ।
ਗਾਂਧੀ ਪਾਰਕ ਵਿਖੇ ਭਾਰਤੀ ਇਨਕਲਾਬੀ ਮਾਰਕਸਵਾਦੀ ਪਾਰਟੀ ਦੀ ਤਹਿਸੀਲ ਇਕਾਈ ਦੀ ਮੀਟਿੰਗ ਹੋਈ
ਪੈਗਾਮ-ਏ-ਜਗਤ/ਗੜ੍ਹਸ਼ੰਕਰ
(ਸਤਨਾਮ ਸਿੰਘ ਸਹੂੰਗੜਾ)
ਸਥਾਨਕ ਗਾਂਧੀ ਪਾਰਕ ਵਿਖੇ ਭਾਰਤੀ ਇਨਕਲਾਬੀ ਮਾਰਕਸਵਾਦੀ ਪਾਰਟੀ ਦੀ ਤਹਿਸੀਲ ਇਕਾਈ ਦੀ ਮੀਟਿੰਗ ਕਾਮਰੇਡ ਅਵਤਾਰ ਸਿੰਘ ਦੀ ਪ੍ਰਧਾਨਗੀ ਹੇਠ ਹੋਈ। ਮੀਟਿੰਗ ਵਿੱਚ ਪਿਛਲੇ ਹੋਏ ਫੈਸਲਿਆਂ ਦੀ ਰਿਪੋਰਟ ਪੇਸ਼ ਕੀਤੀ ਗਈ। ਇਸ ਮੌਕੇ ਪਾਰਟੀ ਦੇ ਸਕੱਤਰ ਦਰਸ਼ਨ ਸਿੰਘ ਮੱਟੂ ਨੇ ਕਿਹਾ ਕਿ ਦੇਸ਼ ਵਿੱਚ ਮੌਜੂਦਾ ਸਮੇਂ ਕੇਂਦਰ ਦੀ ਭਾਜਪਾ ਸਰਕਾਰ ਦੇਸ਼ ਦੇ ਲੋਕਤੰਤਰ ਅਤੇ ਸੰਵਿਧਾਨ ਨੂੰ ਖ਼ਤਮ ਕਰਨ ਵੱਲ ਵਧ ਰਹੀ ਹੈ। ਉਨ੍ਹਾਂ ਦੱਸਿਆ ਕਿ ਦੇਸ਼ ਅੰਦਰ ਲੋਕਾਂ ਦੀ ਹਾਲਤ ਦਿਨੋਂ ਦਿਨ ਮਾੜੀ ਹੋ ਰਹੀ ਹੈ ਅਤੇ ਦੇਸ਼ ਵਿੱਚ ਮਹਿੰਗਾਈ ਅਤੇ ਬੇਰੁਜ਼ਗਾਰੀ ਸਿਖਰਾਂ ਤੇ ਹੈ। ਉਨ੍ਹਾਂ ਕਿਹਾ ਕਿ ਮੋਦੀ ਸਰਕਾਰ ਵੱਲੋਂ ਮਿਹਨਤਕਸ਼ ਲੋਕਾਂ ਨਾਲ ਧੋਖਾ ਕੀਤਾ ਗਿਆ ਹੈ।
ਵਿਰੋਧੀਆਂ ਨੂੰ ਡਰਾਉਣ, ਧਮਕਾਉਣ ਲਈ ਕੇਂਦਰੀ ਏਜੰਸੀਆਂ ਦੀ ਦੁਰਵਰਤੋਂ ਕੀਤੀ ਜਾ ਰਹੀ ਹੈ। ਉਨ੍ਹਾਂ ਕਿਹਾ ਕਿ ਲੋਕਾਂ ਨੂੰ ਸੁਚੇਤ ਹੋਣ ਦੀ ਲੋੜ ਹੈ ਅਤੇ ਆਉਣ ਵਾਲੀਆਂ ਚੋਣਾਂ ਵਿੱਚ ਭਾਜਪਾ ਨੂੰ ਹਰਾਉਣਾ ਜ਼ਰੂਰੀ ਹੈ। ਇਸ ਮੌਕੇ ਕਿਸਾਨਾਂ, ਮਜ਼ਦੂਰਾਂ ਦੀਆਂ ਮੰਗਾਂ ਬਾਰੇ ਵੀ ਵਿਚਾਰ ਕੀਤਾ ਗਿਆ।
ਮਨਾਇਆ ਜਾਵੇਗਾ ਅਤੇ ਕੌਮਾਂਤਰੀ ਮਜ਼ਦੂਰ ਦਿਵਸ ਵੱਡੇ ਪੱਧਰ ਤੇ ਮਨਾਇਆ ਜਾਵੇਗਾ ਅਤੇ ਲੋਕਾਂ ਨੂੰ ਸਰਕਾਰ ਦੀਆਂ ਨੀਤੀਆਂ ਬਾਰੇ ਜਾਗਰੂਕ ਕੀਤਾ ਜਾਵੇਗਾ। ਅੱਜ ਦੀ ਮੀਟਿੰਗ ਵਿੱਚ ਮਿਹਨਤਕਸ਼ ਅਵਾਮ ਦੀਆਂ ਮੰਗਾਂ ਵੱਲ ਵੀ ਧਿਆਨ ਦਿਵਾਇਆ ਗਿਆ। ਮੀਟਿੰਗ ਵਿੱਚ ਪਾਰਟੀ ਦੇ ਜ਼ਿਲ੍ਹਾ ਆਗੂ ਕਾਮਰੇਡ ਕੁਲਭੂਸ਼ਨ ਕੁਮਾਰ, ਬਲਵੰਤ ਰਾਮ, ਸ਼ਿੰਗਾਰਾ ਰਾਮ ਭੱਜਲ, ਗੋਪਾਲ ਦਾਸ, ਸ਼ਾਮ ਸੁੰਦਰ, ਦਵਿੰਦਰ ਸਿੰਘ, ਕਿਰਪੀ ਲਾਲ, ਰਾਜਿੰਦਰ ਸਿੰਘ ਅਤੇ ਹੋਰ ਸਾਥੀ ਹਾਜ਼ਰ ਹੋਏ।
'ਪੈਗਾਮ-ਏ-ਜਗਤ' 'ਚ ਪ੍ਰਕਾਸ਼ਿਤ ਸਮੱਗਰੀ ਅਤੇ ਹੋਰ ਵਾਦ-ਵਿਵਾਦ ਸਬੰਧੀ ਕੇਸਾਂ ਦਾ ਨਿਪਟਾਰਾ ਸਿਰਫ਼ ਮੁਹਾਲੀ (ਚੰਡੀਗੜ੍ਹ) ਕੋਰਟ ਵਿੱਚ ਹੀ ਹੋਵੇਗਾ। ਲੇਖਕਾਂ ਦੀ ਰਾਏ ਦੇ ਨਾਲ ਸੰਪਾਦਕ ਦਾ ਸਹਿਮਤ ਹੋਣਾ ਜ਼ਰੂਰੀ ਨਹੀਂ। -ਸੰਪਾਦਕ, ਪੈਗਾਮ-ਏ-ਜਗਤ
